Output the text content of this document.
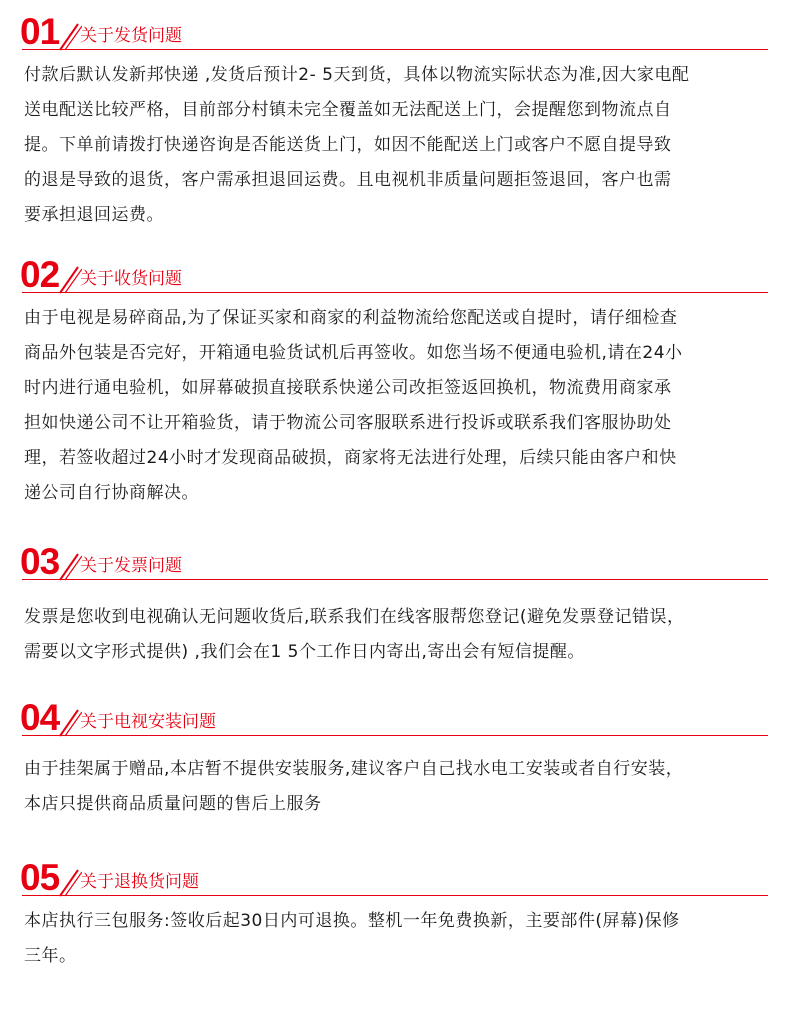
01 关于发货问题

付款后默认发新邦快递 ,发货后预计2- 5天到货，具体以物流实际状态为准,因大家电配

送电配送比较严格，目前部分村镇未完全覆盖如无法配送上门，会提醒您到物流点自

提。下单前请拨打快递咨询是否能送货上门，如因不能配送上门或客户不愿自提导致

的退是导致的退货，客户需承担退回运费。且电视机非质量问题拒签退回，客户也需

要承担退回运费。

02 关于收货问题

由于电视是易碎商品,为了保证买家和商家的利益物流给您配送或自提时，请仔细检查

商品外包装是否完好，开箱通电验货试机后再签收。如您当场不便通电验机,请在24小

时内进行通电验机，如屏幕破损直接联系快递公司改拒签返回换机，物流费用商家承

担如快递公司不让开箱验货，请于物流公司客服联系进行投诉或联系我们客服协助处

理，若签收超过24小时才发现商品破损，商家将无法进行处理，后续只能由客户和快

递公司自行协商解决。

03 关于发票问题

发票是您收到电视确认无问题收货后,联系我们在线客服帮您登记(避免发票登记错误，

需要以文字形式提供) ,我们会在1 5个工作日内寄出,寄出会有短信提醒。

04 关于电视安装问题

由于挂架属于赠品,本店暂不提供安装服务,建议客户自己找水电工安装或者自行安装，

本店只提供商品质量问题的售后上服务

05 关于退换货问题

本店执行三包服务:签收后起30日内可退换。整机一年免费换新，主要部件(屏幕)保修

三年。
